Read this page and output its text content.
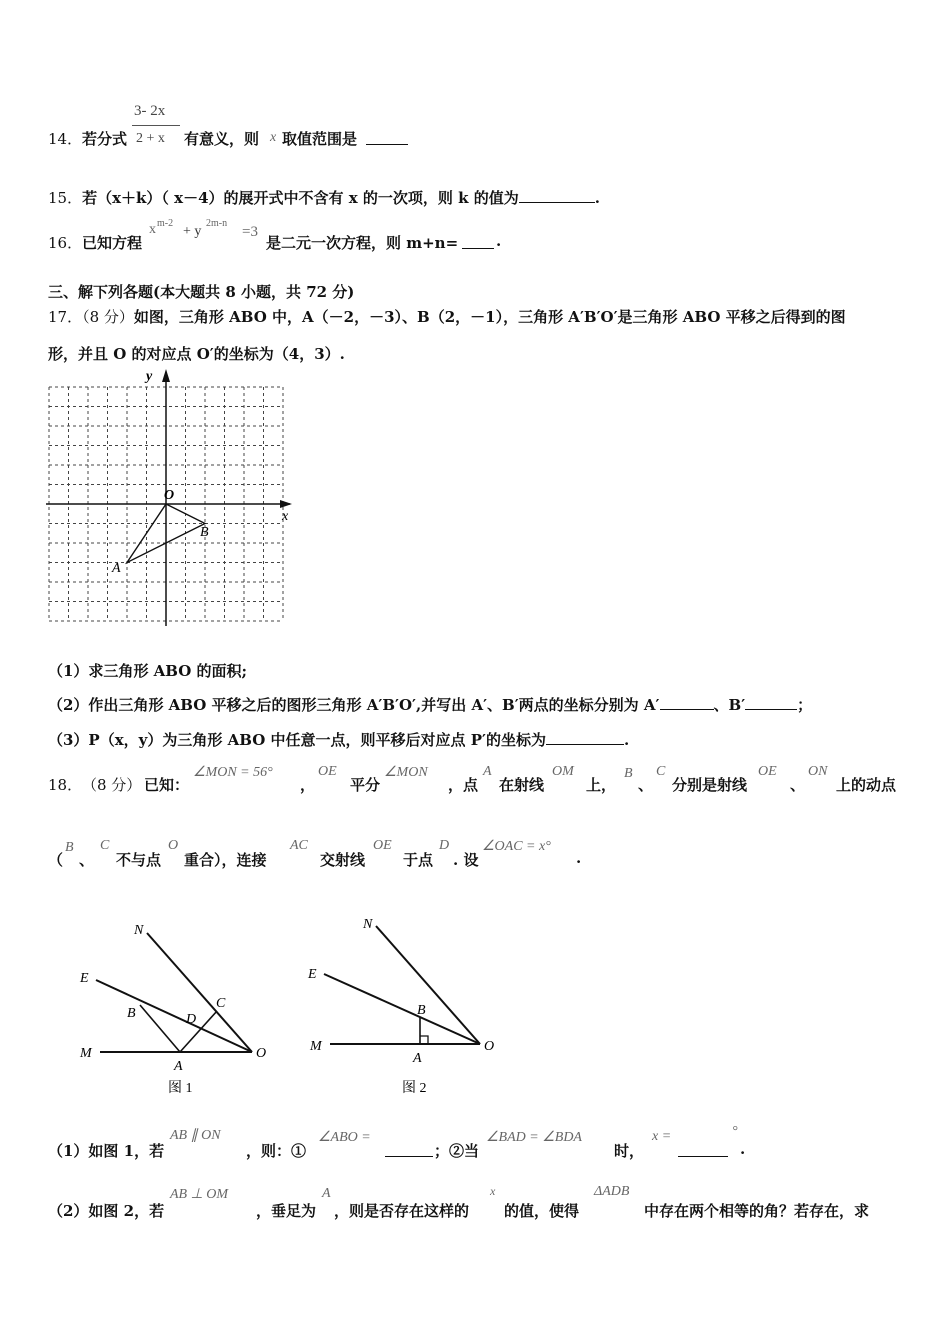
14． 若分式
3- 2x
2 + x 有意义，则 x 取值范围是
15．若（x＋k）（ x－4）的展开式中不含有 x 的一次项，则 k 的值为	.
16． 已知方程
x m-2
+ y
2m-n
=3
是二元一次方程，则 m+n=	.
三、解下列各题(本大题共 8 小题，共 72 分)
17．（8 分）如图，三角形 ABO 中，A（－2，－3）、B（2，－1），三角形 A′B′O′是三角形 ABO 平移之后得到的图
形，并且 O 的对应点 O′的坐标为（4，3）.
y
x
O
A
B
（1）求三角形 ABO 的面积;
（2）作出三角形 ABO 平移之后的图形三角形 A′B′O′,并写出 A′、B′两点的坐标分别为 A′	、B′	；
（3）P（x，y）为三角形 ABO 中任意一点，则平移后对应点 P′的坐标为	.
18． （8 分） 已知：
∠MON = 56°
，
OE
平分
∠MON
，点
A
在射线
OM
上，
B
、
C
分别是射线
OE
、
ON
上的动点
（
B
、
C
不与点
O
重合），连接
AC
交射线
OE
于点
D
. 设
∠OAC = x°
.
N
E
B
C
D
M
A
O
图 1
N
E
B
M
A
O
图 2
（1）如图 1，若
AB ∥ ON
，则：①
∠ABO =
；②当
∠BAD = ∠BDA
时，
x =	°
.
（2）如图 2，若
AB ⊥ OM
，垂足为
A
，则是否存在这样的
x
的值，使得
ΔADB
中存在两个相等的角？若存在，求
